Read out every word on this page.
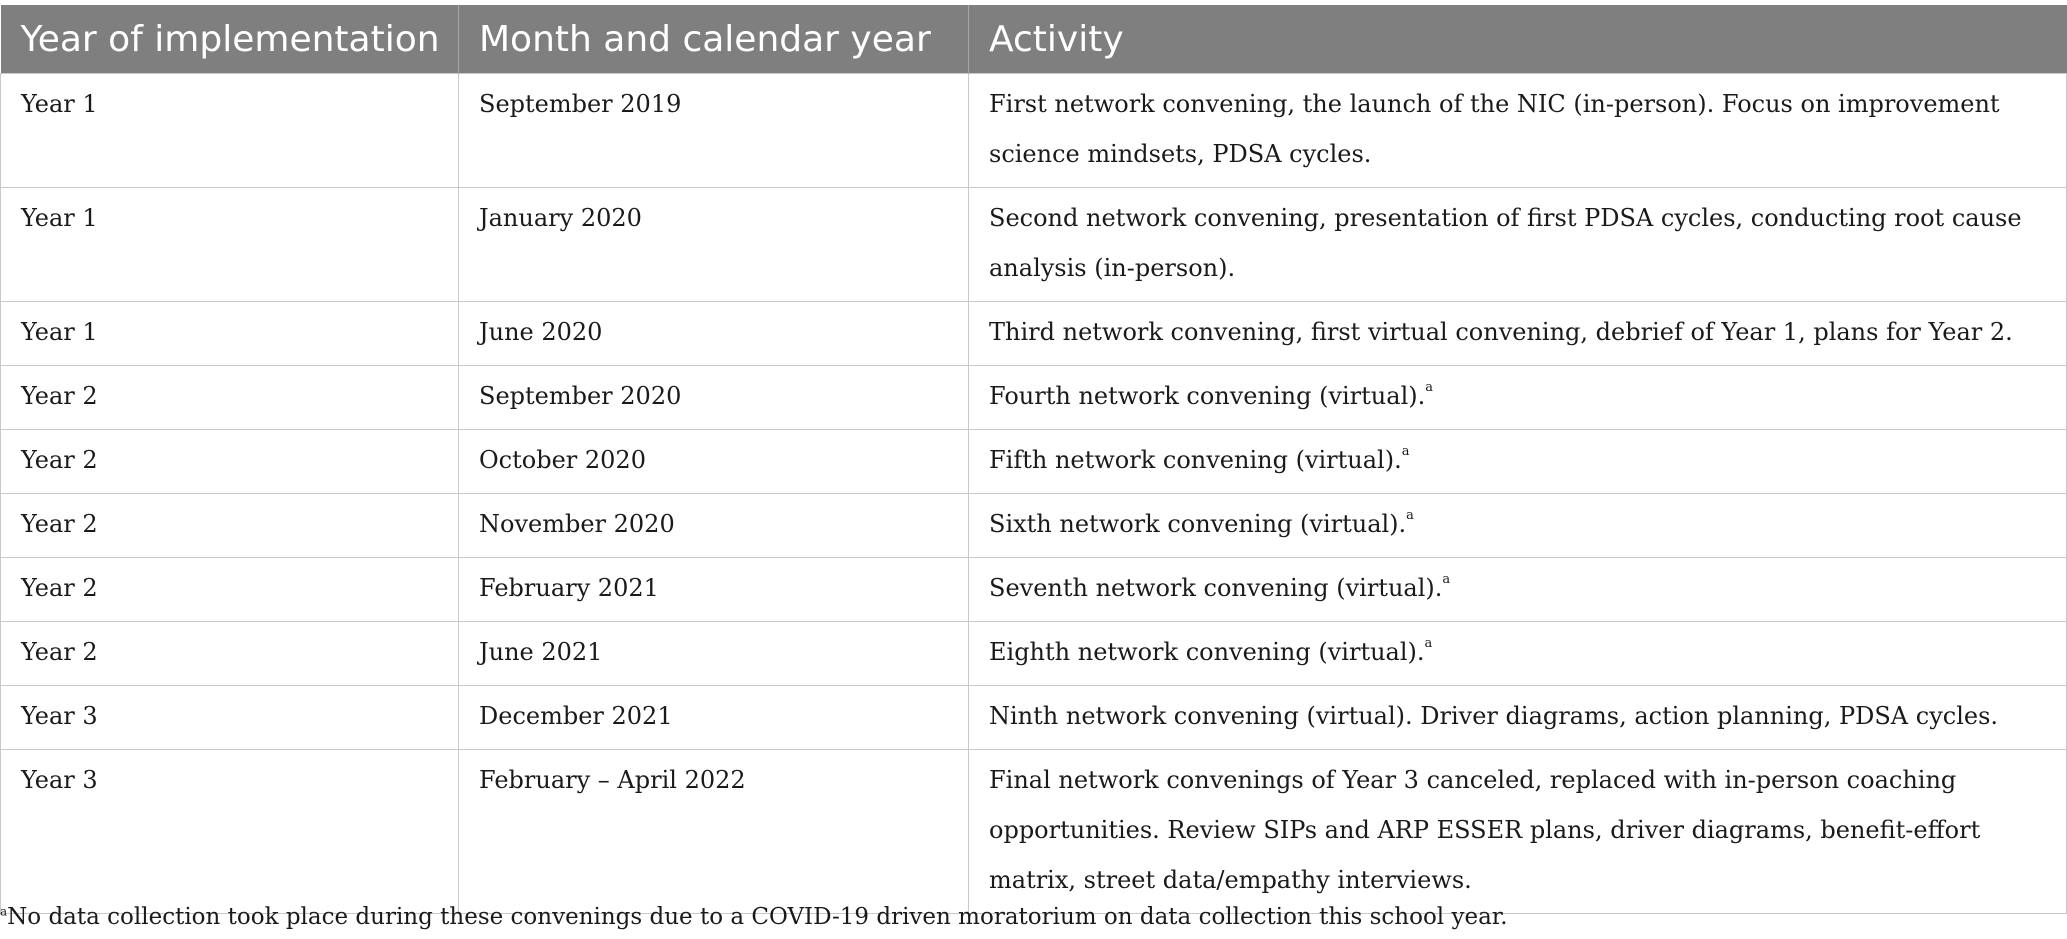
Year of implementation	Month and calendar year	Activity
Year 1	September 2019	First network convening, the launch of the NIC (in-person). Focus on improvement science mindsets, PDSA cycles.
Year 1	January 2020	Second network convening, presentation of first PDSA cycles, conducting root cause analysis (in-person).
Year 1	June 2020	Third network convening, first virtual convening, debrief of Year 1, plans for Year 2.
Year 2	September 2020	Fourth network convening (virtual).$^a$
Year 2	October 2020	Fifth network convening (virtual).$^a$
Year 2	November 2020	Sixth network convening (virtual).$^a$
Year 2	February 2021	Seventh network convening (virtual).$^a$
Year 2	June 2021	Eighth network convening (virtual).$^a$
Year 3	December 2021	Ninth network convening (virtual). Driver diagrams, action planning, PDSA cycles.
Year 3	February – April 2022	Final network convenings of Year 3 canceled, replaced with in-person coaching opportunities. Review SIPs and ARP ESSER plans, driver diagrams, benefit-effort matrix, street data/empathy interviews.
$^a$No data collection took place during these convenings due to a COVID-19 driven moratorium on data collection this school year.
